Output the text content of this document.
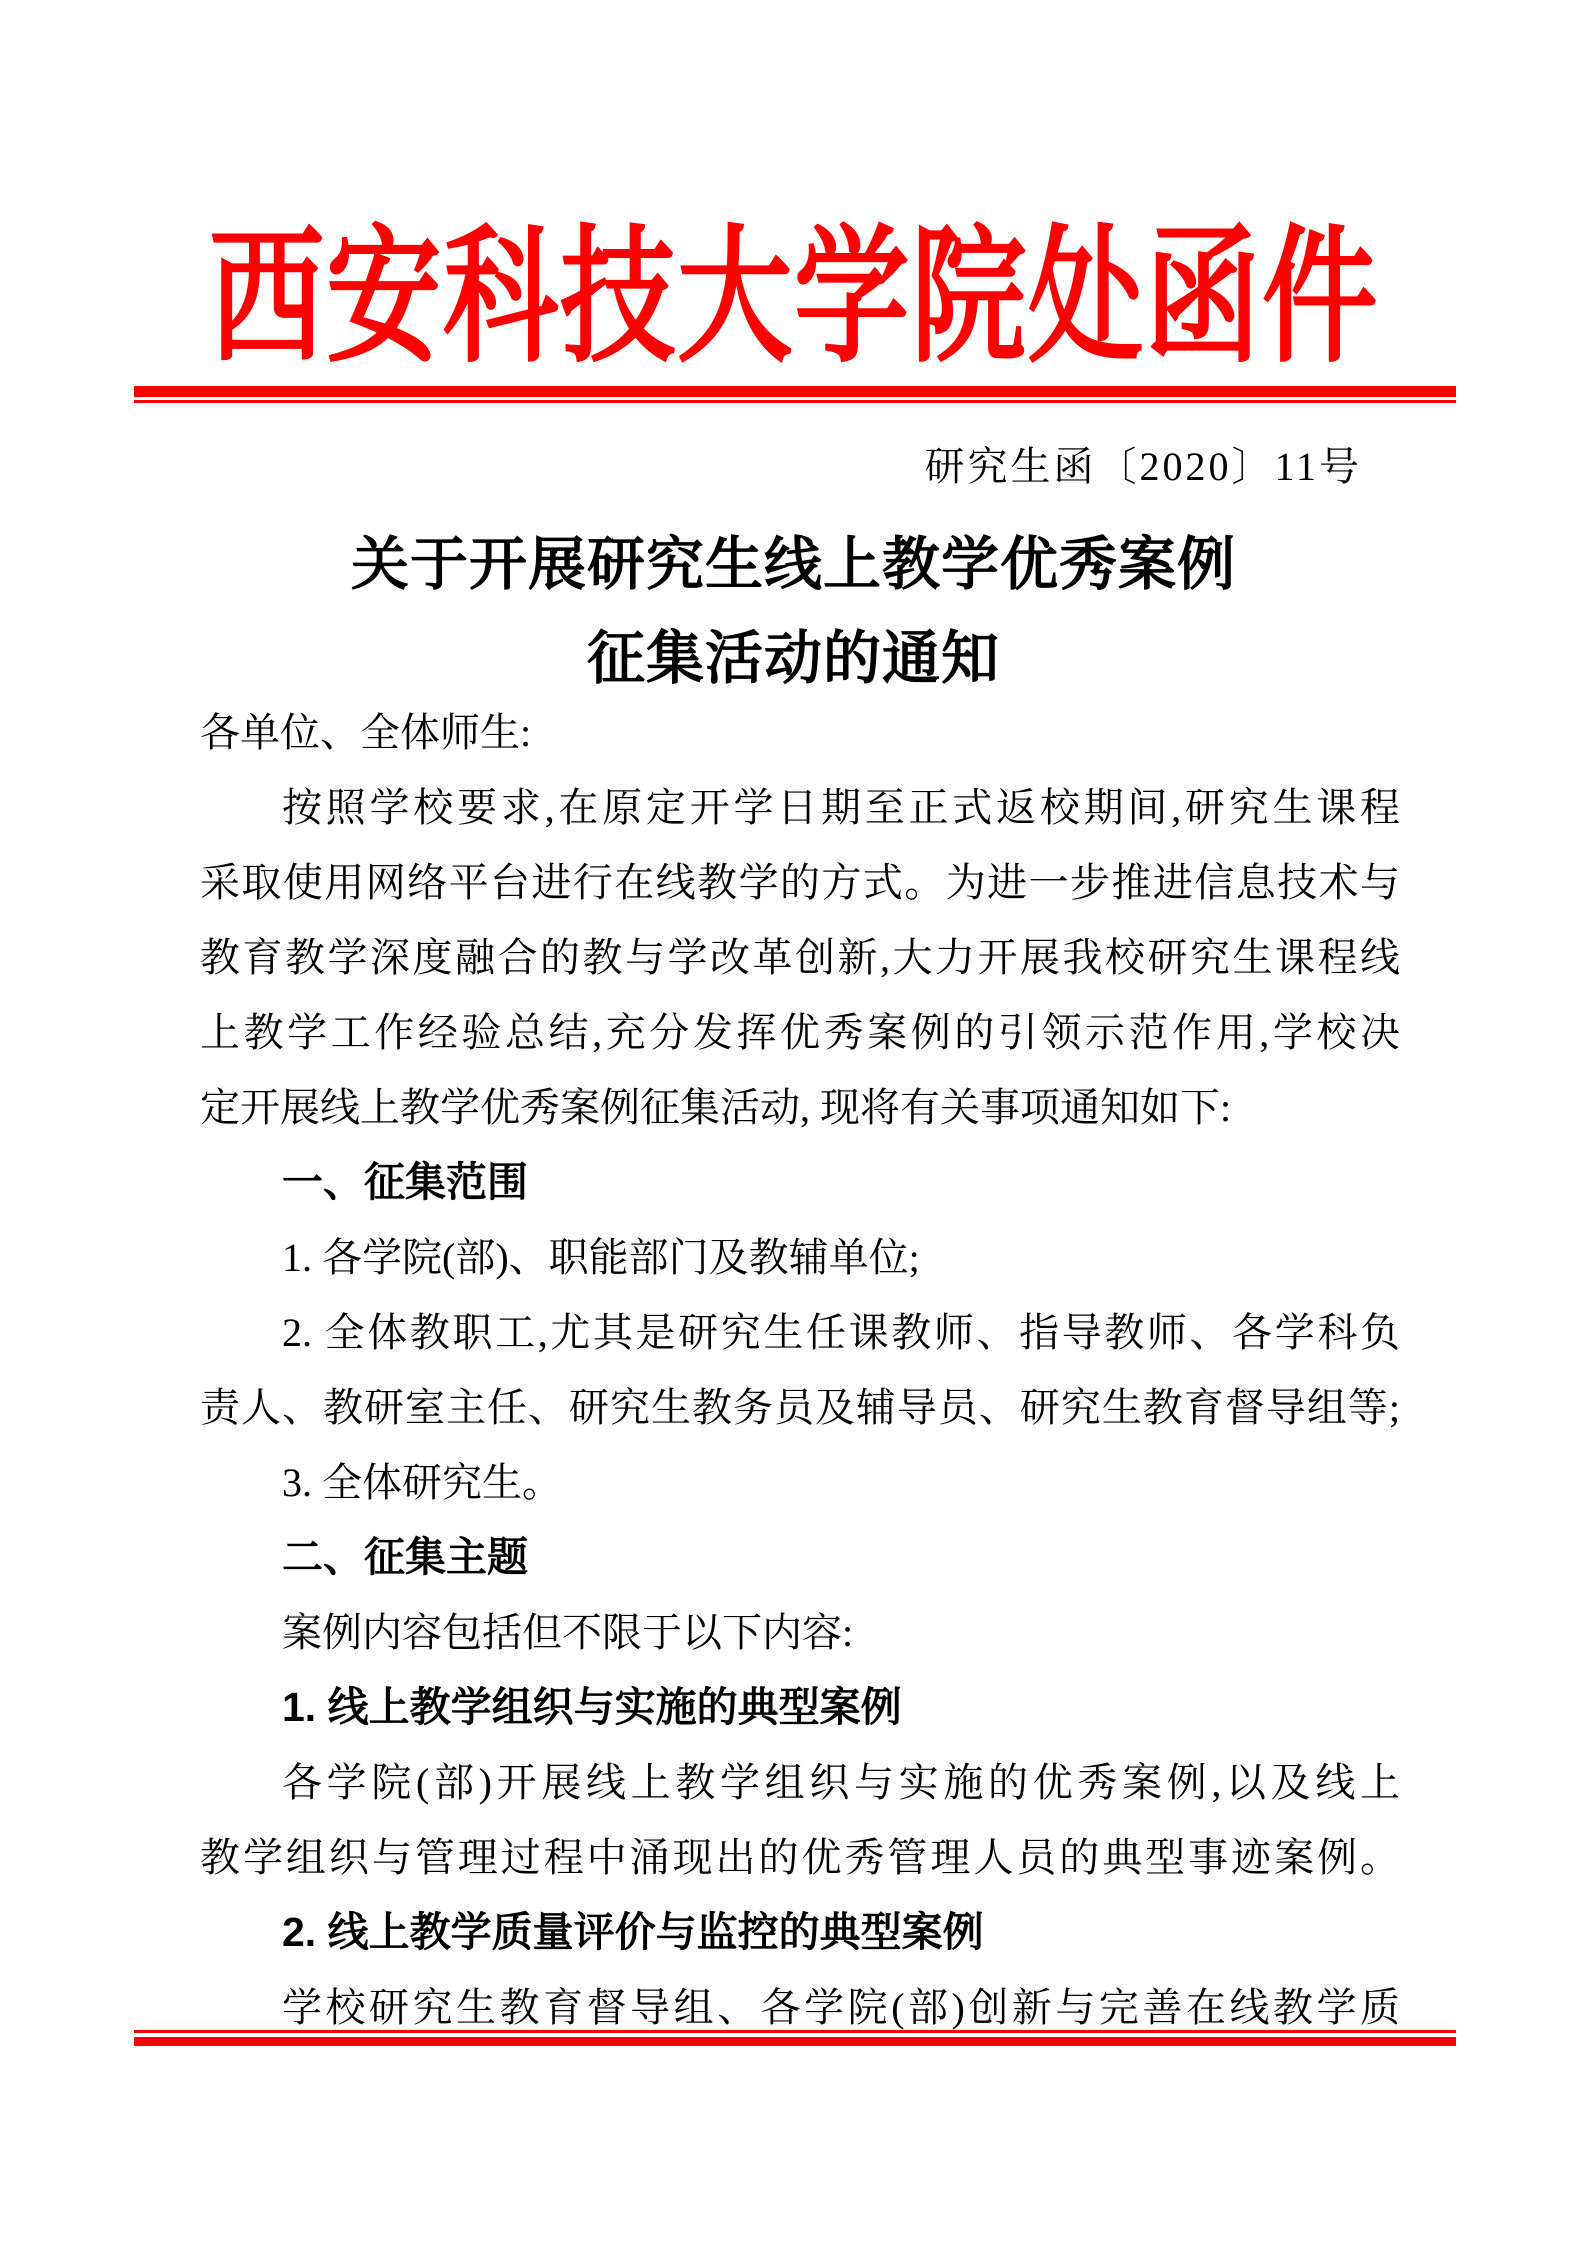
西安科技大学院处函件
研究生函〔2020〕11号
关于开展研究生线上教学优秀案例
征集活动的通知
各单位、全体师生:
按照学校要求,在原定开学日期至正式返校期间,研究生课程
采取使用网络平台进行在线教学的方式。为进一步推进信息技术与
教育教学深度融合的教与学改革创新,大力开展我校研究生课程线
上教学工作经验总结,充分发挥优秀案例的引领示范作用,学校决
定开展线上教学优秀案例征集活动, 现将有关事项通知如下:
一、征集范围
1. 各学院(部)、职能部门及教辅单位;
2. 全体教职工,尤其是研究生任课教师、指导教师、各学科负
责人、教研室主任、研究生教务员及辅导员、研究生教育督导组等;
3. 全体研究生。
二、征集主题
案例内容包括但不限于以下内容:
1. 线上教学组织与实施的典型案例
各学院(部)开展线上教学组织与实施的优秀案例,以及线上
教学组织与管理过程中涌现出的优秀管理人员的典型事迹案例。
2. 线上教学质量评价与监控的典型案例
学校研究生教育督导组、各学院(部)创新与完善在线教学质
